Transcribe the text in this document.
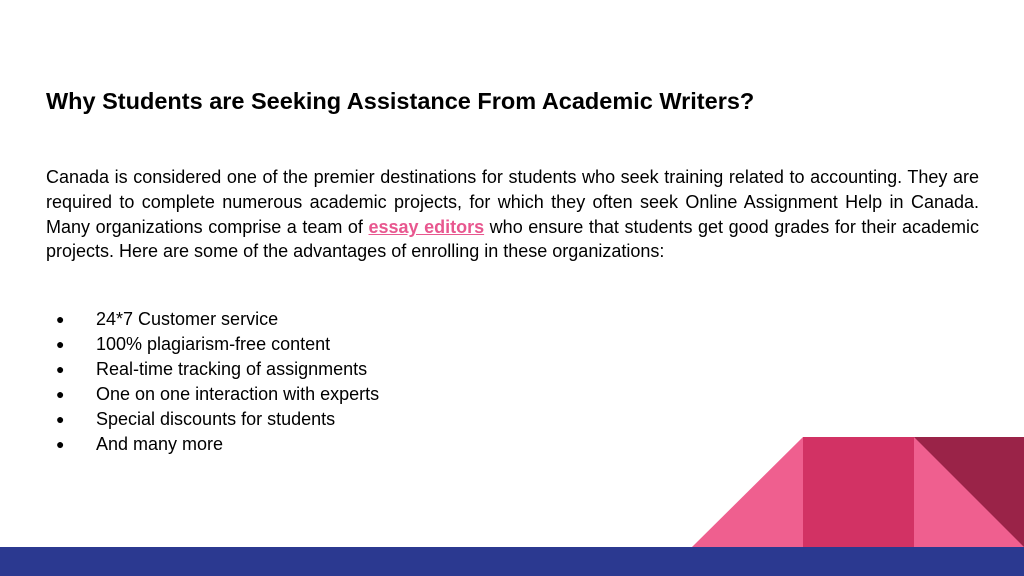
Why Students are Seeking Assistance From Academic Writers?

Canada is considered one of the premier destinations for students who seek training related to accounting. They are required to complete numerous academic projects, for which they often seek Online Assignment Help in Canada. Many organizations comprise a team of essay editors who ensure that students get good grades for their academic projects. Here are some of the advantages of enrolling in these organizations:

● 24*7 Customer service
● 100% plagiarism-free content
● Real-time tracking of assignments
● One on one interaction with experts
● Special discounts for students
● And many more
